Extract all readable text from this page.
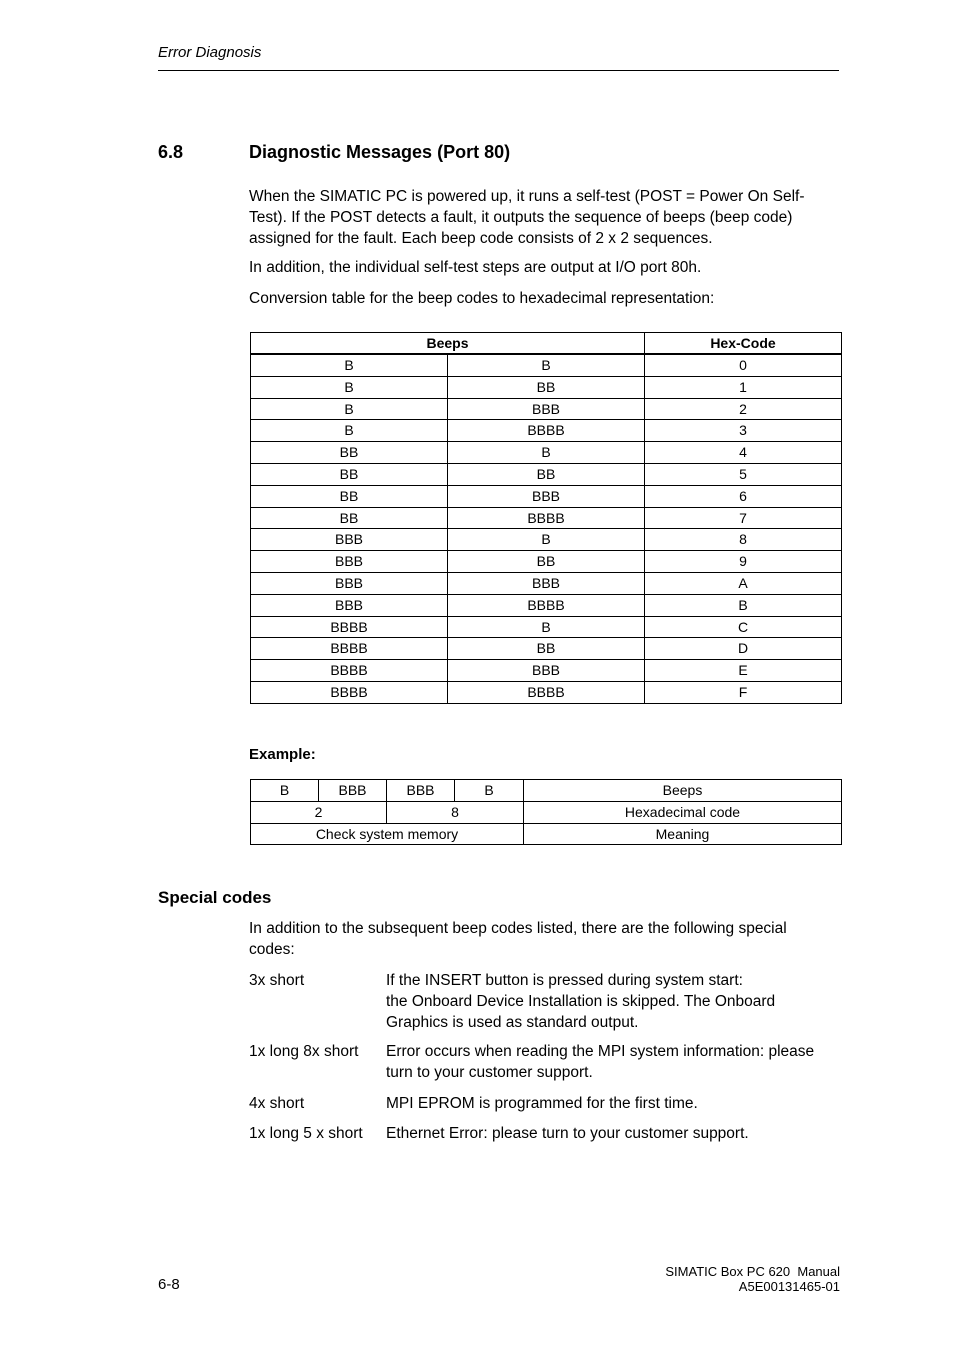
Error Diagnosis
6.8	Diagnostic Messages (Port 80)
When the SIMATIC PC is powered up, it runs a self-test (POST = Power On Self-Test). If the POST detects a fault, it outputs the sequence of beeps (beep code) assigned for the fault. Each beep code consists of 2 x 2 sequences.
In addition, the individual self-test steps are output at I/O port 80h.
Conversion table for the beep codes to hexadecimal representation:
Beeps		Hex-Code
B	B	0
B	BB	1
B	BBB	2
B	BBBB	3
BB	B	4
BB	BB	5
BB	BBB	6
BB	BBBB	7
BBB	B	8
BBB	BB	9
BBB	BBB	A
BBB	BBBB	B
BBBB	B	C
BBBB	BB	D
BBBB	BBB	E
BBBB	BBBB	F
Example:
B	BBB	BBB	B	Beeps
2		8		Hexadecimal code
Check system memory				Meaning
Special codes
In addition to the subsequent beep codes listed, there are the following special codes:
3x short	If the INSERT button is pressed during system start:
the Onboard Device Installation is skipped. The Onboard Graphics is used as standard output.
1x long 8x short Error occurs when reading the MPI system information: please turn to your customer support.
4x short	MPI EPROM is programmed for the first time.
1x long 5 x short Ethernet Error: please turn to your customer support.
6-8
SIMATIC Box PC 620  Manual
A5E00131465-01
